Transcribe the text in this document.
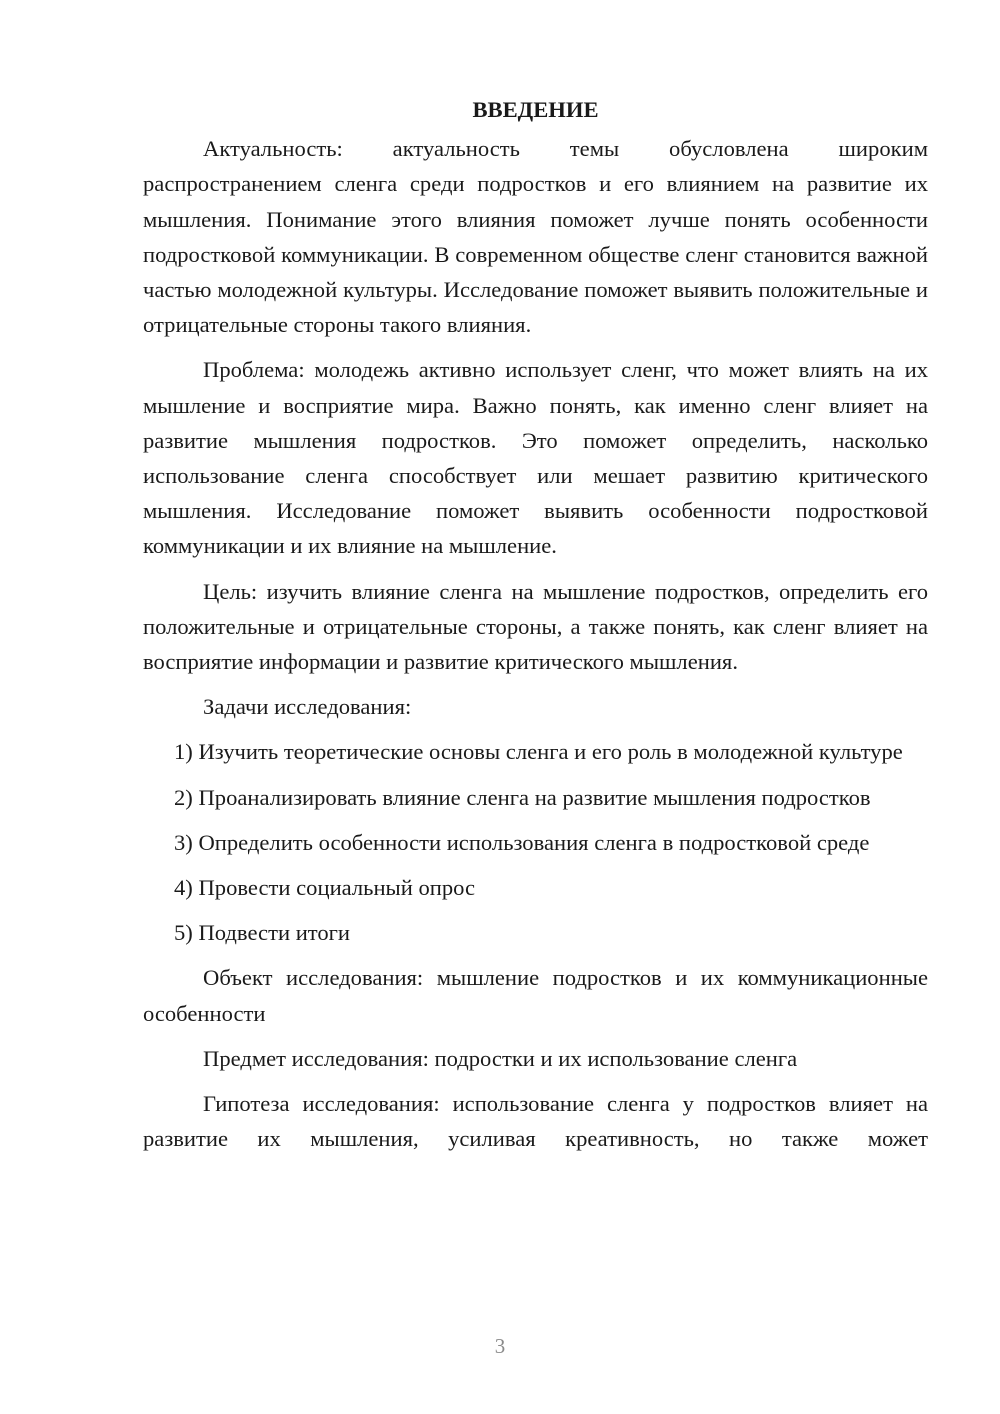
ВВЕДЕНИЕ

Актуальность: актуальность темы обусловлена широким распространением сленга среди подростков и его влиянием на развитие их мышления. Понимание этого влияния поможет лучше понять особенности подростковой коммуникации. В современном обществе сленг становится важной частью молодежной культуры. Исследование поможет выявить положительные и отрицательные стороны такого влияния.

Проблема: молодежь активно использует сленг, что может влиять на их мышление и восприятие мира. Важно понять, как именно сленг влияет на развитие мышления подростков. Это поможет определить, насколько использование сленга способствует или мешает развитию критического мышления. Исследование поможет выявить особенности подростковой коммуникации и их влияние на мышление.

Цель: изучить влияние сленга на мышление подростков, определить его положительные и отрицательные стороны, а также понять, как сленг влияет на восприятие информации и развитие критического мышления.

Задачи исследования:

1) Изучить теоретические основы сленга и его роль в молодежной культуре

2) Проанализировать влияние сленга на развитие мышления подростков

3) Определить особенности использования сленга в подростковой среде

4) Провести социальный опрос

5) Подвести итоги

Объект исследования: мышление подростков и их коммуникационные особенности

Предмет исследования: подростки и их использование сленга

Гипотеза исследования: использование сленга у подростков влияет на развитие их мышления, усиливая креативность, но также может

3
